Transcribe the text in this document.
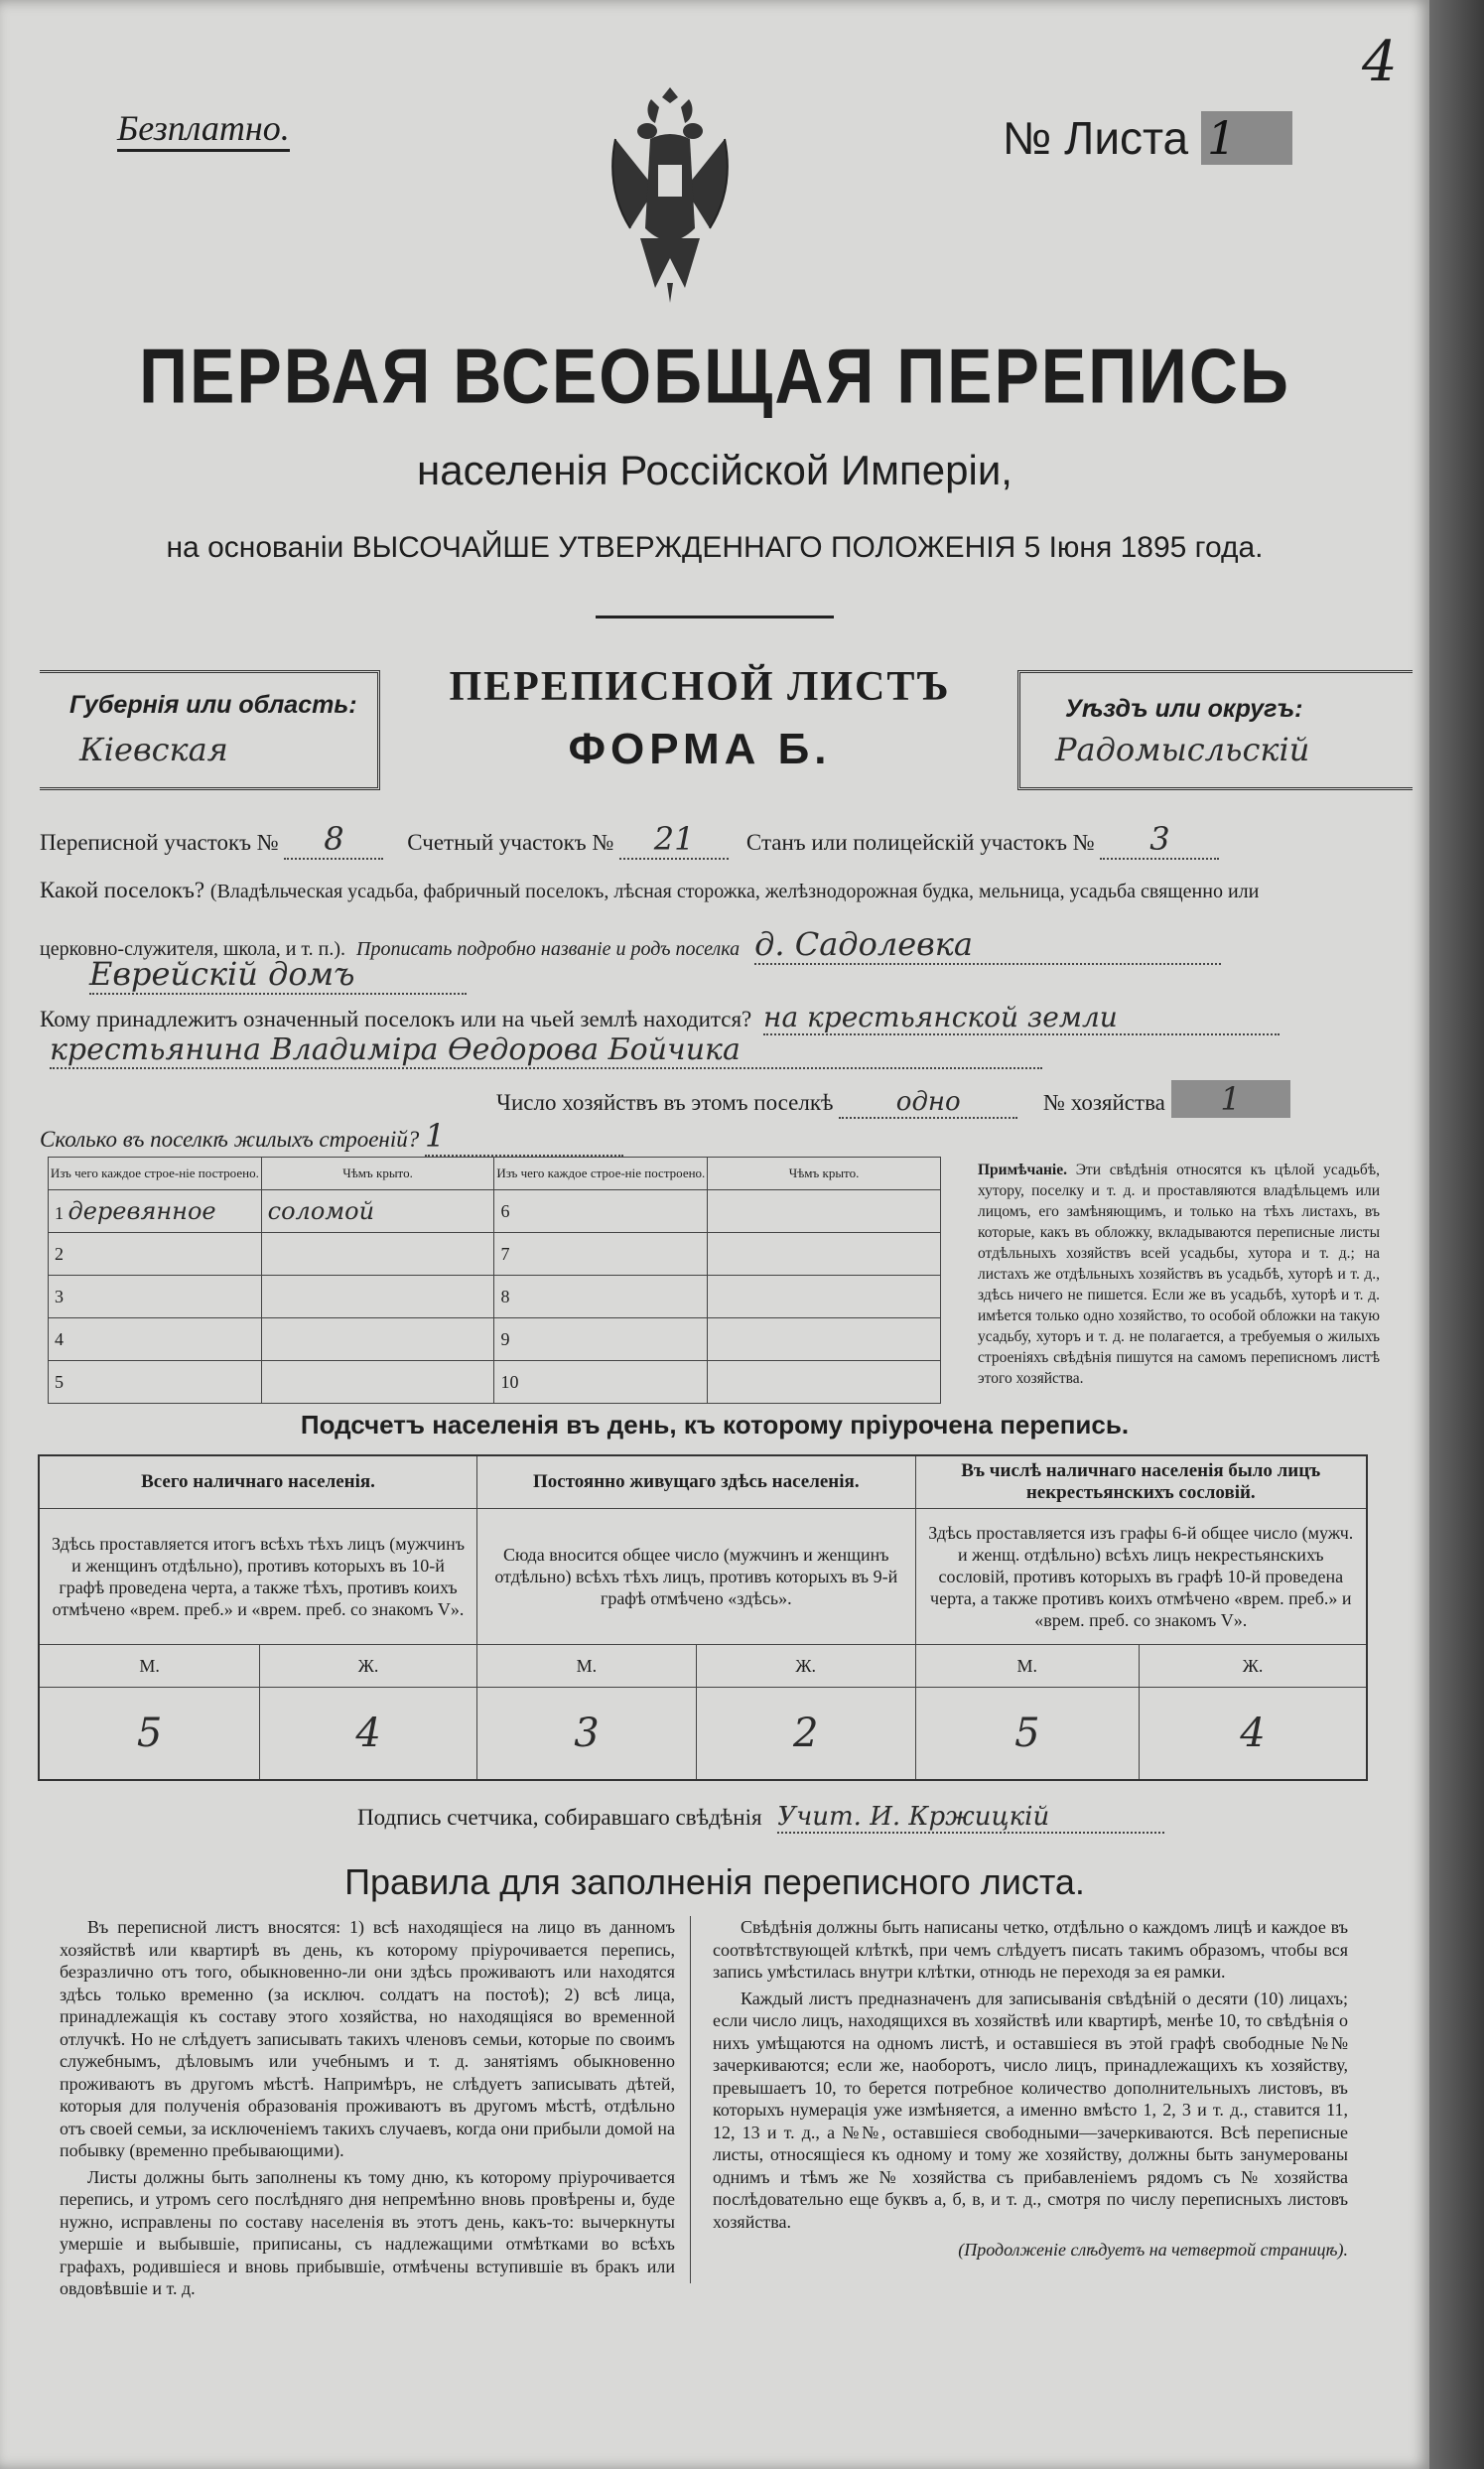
Безплатно.	№ Листа 1
4
ПЕРВАЯ ВСЕОБЩАЯ ПЕРЕПИСЬ
населенія Россійской Имперіи,
на основаніи ВЫСОЧАЙШЕ УТВЕРЖДЕННАГО ПОЛОЖЕНІЯ 5 Іюня 1895 года.
Губернія или область:
Кіевская
ПЕРЕПИСНОЙ ЛИСТЪ
ФОРМА Б.
Уѣздъ или округъ:
Радомысльскій
Переписной участокъ № 8	Счетный участокъ № 21 Станъ или полицейскій участокъ № 3
Какой поселокъ? (Владѣльческая усадьба, фабричный поселокъ, лѣсная сторожка, желѣзнодорожная будка, мельница, усадьба священно или
церковно-служителя, школа, и т. п.). Прописать подробно названіе и родъ поселка д. Садолевка
Еврейскій домъ
Кому принадлежитъ означенный поселокъ или на чьей землѣ находится? на крестьянской земли
крестьянина Владиміра Ѳедорова Бойчика
Число хозяйствъ въ этомъ поселкѣ одно	№ хозяйства 1
Сколько въ поселкѣ жилыхъ строеній? 1
Изъ чего каждое строе-ніе построено.	Чѣмъ крыто.	Изъ чего каждое строе-ніе построено.	Чѣмъ крыто.
1 деревянное	соломой	6	
2		7	
3		8	
4		9	
5		10	
Примѣчаніе. Эти свѣдѣнія относятся къ цѣлой усадьбѣ, хутору, поселку и т. д. и проставляются владѣльцемъ или лицомъ, его замѣняющимъ, и только на тѣхъ листахъ, въ которые, какъ въ обложку, вкладываются переписные листы отдѣльныхъ хозяйствъ всей усадьбы, хутора и т. д.; на листахъ же отдѣльныхъ хозяйствъ въ усадьбѣ, хуторѣ и т. д., здѣсь ничего не пишется. Если же въ усадьбѣ, хуторѣ и т. д. имѣется только одно хозяйство, то особой обложки на такую усадьбу, хуторъ и т. д. не полагается, а требуемыя о жилыхъ строеніяхъ свѣдѣнія пишутся на самомъ переписномъ листѣ этого хозяйства.
Подсчетъ населенія въ день, къ которому пріурочена перепись.
Всего наличнаго населенія.		Постоянно живущаго здѣсь населенія.		Въ числѣ наличнаго населенія было лицъ некрестьянскихъ сословій.	
Здѣсь проставляется итогъ всѣхъ тѣхъ лицъ (мужчинъ и женщинъ отдѣльно), противъ которыхъ въ 10-й графѣ проведена черта, а также тѣхъ, противъ коихъ отмѣчено «врем. преб.» и «врем. преб. со знакомъ V».		Сюда вносится общее число (мужчинъ и женщинъ отдѣльно) всѣхъ тѣхъ лицъ, противъ которыхъ въ 9-й графѣ отмѣчено «здѣсь».		Здѣсь проставляется изъ графы 6-й общее число (мужч. и женщ. отдѣльно) всѣхъ лицъ некрестьянскихъ сословій, противъ которыхъ въ графѣ 10-й проведена черта, а также противъ коихъ отмѣчено «врем. преб.» и «врем. преб. со знакомъ V».	
М.	Ж.	М.	Ж.	М.	Ж.
5	4	3	2	5	4
Подпись счетчика, собиравшаго свѣдѣнія Учит. И. Кржицкій
Правила для заполненія переписного листа.

Въ переписной листъ вносятся: 1) всѣ находящіеся на лицо въ данномъ хозяйствѣ или квартирѣ въ день, къ которому пріурочивается перепись, безразлично отъ того, обыкновенно-ли они здѣсь проживаютъ или находятся здѣсь только временно (за исключ. солдатъ на постоѣ); 2) всѣ лица, принадлежащія къ составу этого хозяйства, но находящіяся во временной отлучкѣ. Но не слѣдуетъ записывать такихъ членовъ семьи, которые по своимъ служебнымъ, дѣловымъ или учебнымъ и т. д. занятіямъ обыкновенно проживаютъ въ другомъ мѣстѣ. Напримѣръ, не слѣдуетъ записывать дѣтей, которыя для полученія образованія проживаютъ въ другомъ мѣстѣ, отдѣльно отъ своей семьи, за исключеніемъ такихъ случаевъ, когда они прибыли домой на побывку (временно пребывающими).

Листы должны быть заполнены къ тому дню, къ которому пріурочивается перепись, и утромъ сего послѣдняго дня непремѣнно вновь провѣрены и, буде нужно, исправлены по составу населенія въ этотъ день, какъ-то: вычеркнуты умершіе и выбывшіе, приписаны, съ надлежащими отмѣтками во всѣхъ графахъ, родившіеся и вновь прибывшіе, отмѣчены вступившіе въ бракъ или овдовѣвшіе и т. д.

Свѣдѣнія должны быть написаны четко, отдѣльно о каждомъ лицѣ и каждое въ соотвѣтствующей клѣткѣ, при чемъ слѣдуетъ писать такимъ образомъ, чтобы вся запись умѣстилась внутри клѣтки, отнюдь не переходя за ея рамки.

Каждый листъ предназначенъ для записыванія свѣдѣній о десяти (10) лицахъ; если число лицъ, находящихся въ хозяйствѣ или квартирѣ, менѣе 10, то свѣдѣнія о нихъ умѣщаются на одномъ листѣ, и оставшіеся въ этой графѣ свободные №№ зачеркиваются; если же, наоборотъ, число лицъ, принадлежащихъ къ хозяйству, превышаетъ 10, то берется потребное количество дополнительныхъ листовъ, въ которыхъ нумерація уже измѣняется, а именно вмѣсто 1, 2, 3 и т. д., ставится 11, 12, 13 и т. д., а №№, оставшіеся свободными—зачеркиваются. Всѣ переписные листы, относящіеся къ одному и тому же хозяйству, должны быть занумерованы однимъ и тѣмъ же № хозяйства съ прибавленіемъ рядомъ съ № хозяйства послѣдовательно еще буквъ а, б, в, и т. д., смотря по числу переписныхъ листовъ хозяйства.

(Продолженіе слѣдуетъ на четвертой страницѣ).
